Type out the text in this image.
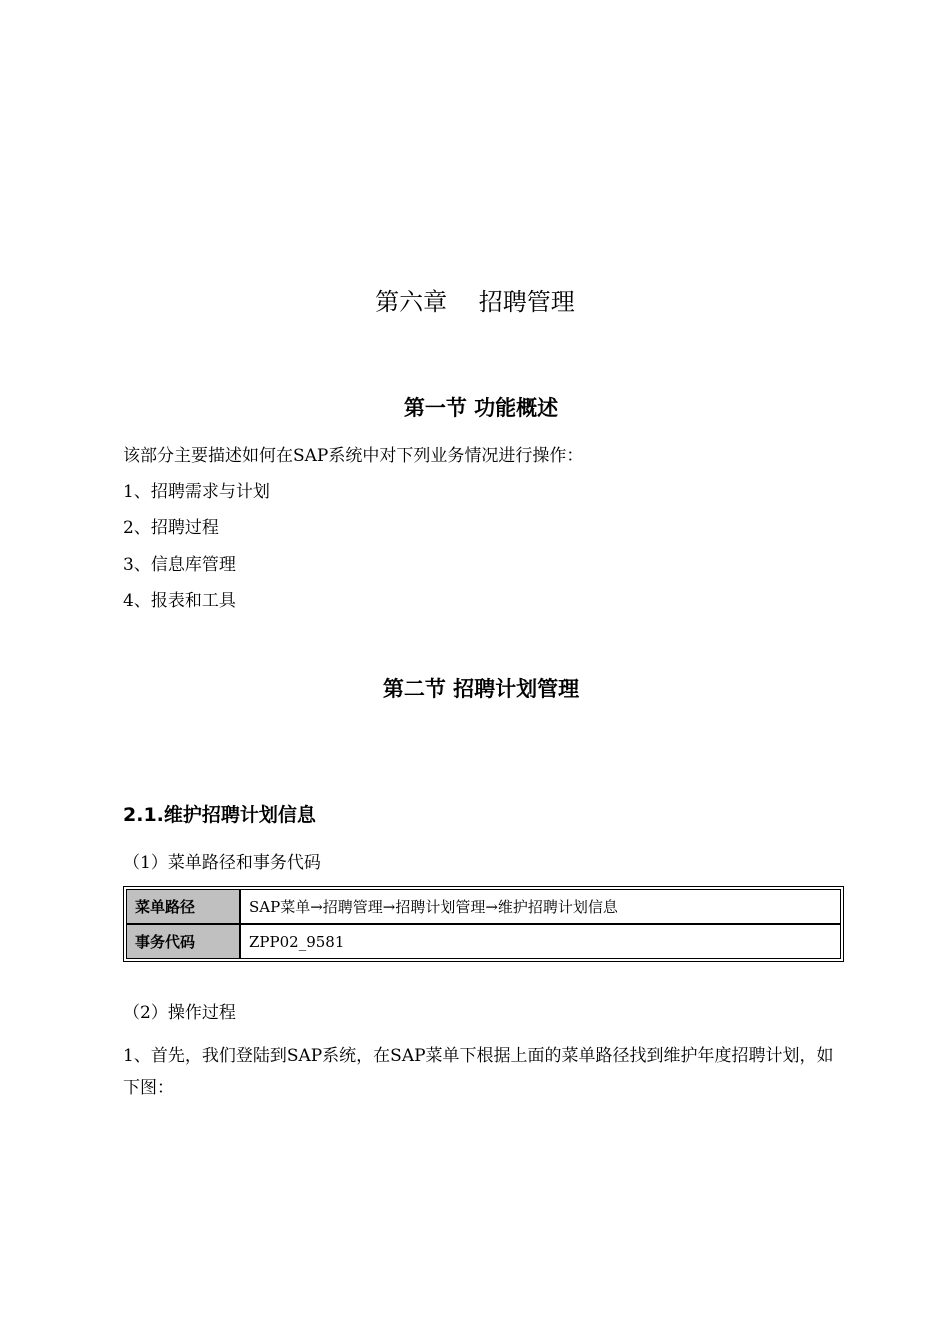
第六章　 招聘管理
第一节 功能概述

该部分主要描述如何在SAP系统中对下列业务情况进行操作：

1、招聘需求与计划

2、招聘过程

3、信息库管理

4、报表和工具

第二节 招聘计划管理
2.1.维护招聘计划信息

（1）菜单路径和事务代码

菜单路径	SAP菜单→招聘管理→招聘计划管理→维护招聘计划信息
事务代码	ZPP02_9581

（2）操作过程

1、首先，我们登陆到SAP系统，在SAP菜单下根据上面的菜单路径找到维护年度招聘计划，如下图：
